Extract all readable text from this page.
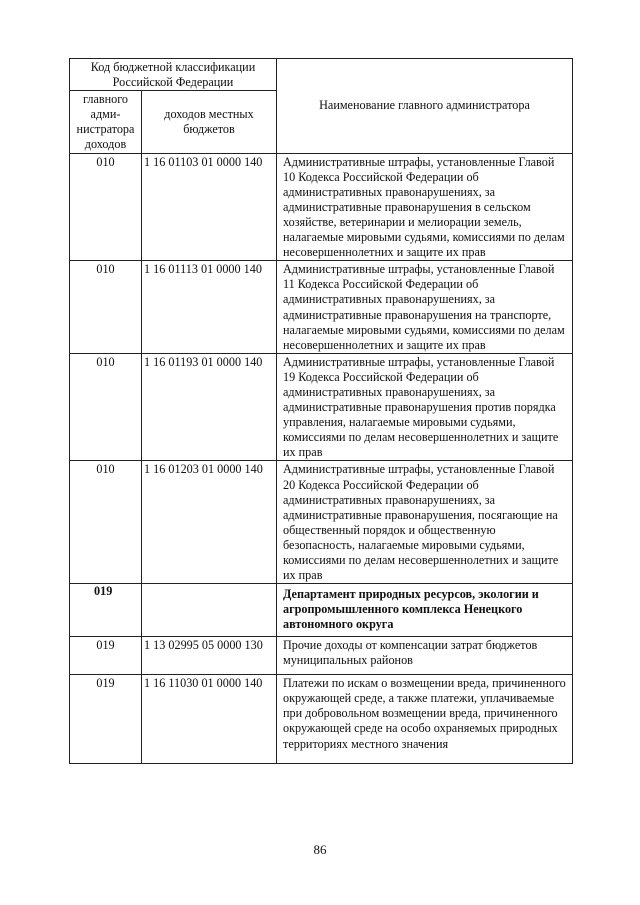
Код бюджетной классификации Российской Федерации		Наименование главного администратора
главного адми-нистратора доходов	доходов местных бюджетов	
010	1 16 01103 01 0000 140	Административные штрафы, установленные Главой 10 Кодекса Российской Федерации об административных правонарушениях, за административные правонарушения в сельском хозяйстве, ветеринарии и мелиорации земель, налагаемые мировыми судьями, комиссиями по делам несовершеннолетних и защите их прав
010	1 16 01113 01 0000 140	Административные штрафы, установленные Главой 11 Кодекса Российской Федерации об административных правонарушениях, за административные правонарушения на транспорте, налагаемые мировыми судьями, комиссиями по делам несовершеннолетних и защите их прав
010	1 16 01193 01 0000 140	Административные штрафы, установленные Главой 19 Кодекса Российской Федерации об административных правонарушениях, за административные правонарушения против порядка управления, налагаемые мировыми судьями, комиссиями по делам несовершеннолетних и защите их прав
010	1 16 01203 01 0000 140	Административные штрафы, установленные Главой 20 Кодекса Российской Федерации об административных правонарушениях, за административные правонарушения, посягающие на общественный порядок и общественную безопасность, налагаемые мировыми судьями, комиссиями по делам несовершеннолетних и защите их прав

019		Департамент природных ресурсов, экологии и агропромышленного комплекса Ненецкого автономного округа
019	1 13 02995 05 0000 130	Прочие доходы от компенсации затрат бюджетов муниципальных районов
019	1 16 11030 01 0000 140	Платежи по искам о возмещении вреда, причиненного окружающей среде, а также платежи, уплачиваемые при добровольном возмещении вреда, причиненного окружающей среде на особо охраняемых природных территориях местного значения
86
